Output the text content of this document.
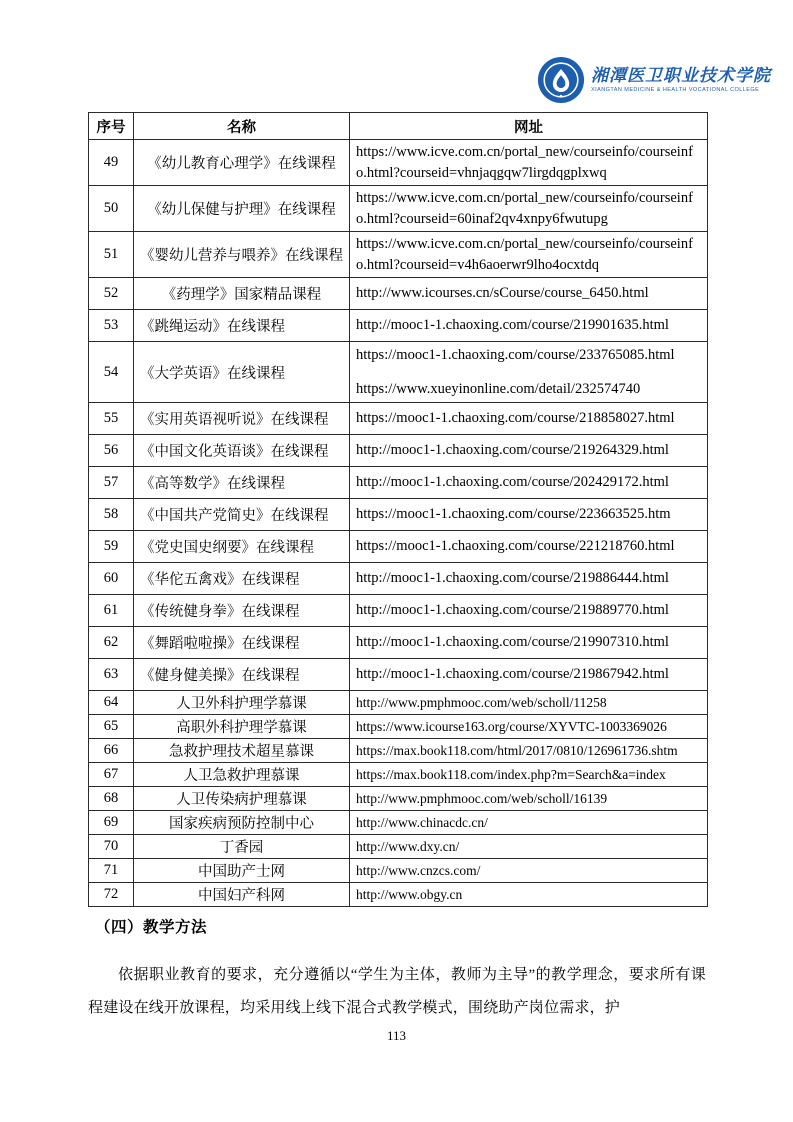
湘潭医卫职业技术学院
XIANGTAN MEDICINE & HEALTH VOCATIONAL COLLEGE
序号	名称	网址
49	《幼儿教育心理学》在线课程	https://www.icve.com.cn/portal_new/courseinfo/courseinfo.html?courseid=vhnjaqgqw7lirgdqgplxwq

50	《幼儿保健与护理》在线课程	https://www.icve.com.cn/portal_new/courseinfo/courseinfo.html?courseid=60inaf2qv4xnpy6fwutupg

51	《婴幼儿营养与喂养》在线课程	https://www.icve.com.cn/portal_new/courseinfo/courseinfo.html?courseid=v4h6aoerwr9lho4ocxtdq

52	《药理学》国家精品课程	http://www.icourses.cn/sCourse/course_6450.html

53	《跳绳运动》在线课程	http://mooc1-1.chaoxing.com/course/219901635.html

54	《大学英语》在线课程	https://mooc1-1.chaoxing.com/course/233765085.html
https://www.xueyinonline.com/detail/232574740

55	《实用英语视听说》在线课程	https://mooc1-1.chaoxing.com/course/218858027.html

56	《中国文化英语谈》在线课程	http://mooc1-1.chaoxing.com/course/219264329.html

57	《高等数学》在线课程	http://mooc1-1.chaoxing.com/course/202429172.html

58	《中国共产党简史》在线课程	https://mooc1-1.chaoxing.com/course/223663525.htm

59	《党史国史纲要》在线课程	https://mooc1-1.chaoxing.com/course/221218760.html

60	《华佗五禽戏》在线课程	http://mooc1-1.chaoxing.com/course/219886444.html

61	《传统健身拳》在线课程	http://mooc1-1.chaoxing.com/course/219889770.html

62	《舞蹈啦啦操》在线课程	http://mooc1-1.chaoxing.com/course/219907310.html

63	《健身健美操》在线课程	http://mooc1-1.chaoxing.com/course/219867942.html

64	人卫外科护理学慕课	http://www.pmphmooc.com/web/scholl/11258

65	高职外科护理学慕课	https://www.icourse163.org/course/XYVTC-1003369026

66	急救护理技术超星慕课	https://max.book118.com/html/2017/0810/126961736.shtm

67	人卫急救护理慕课	https://max.book118.com/index.php?m=Search&a=index

68	人卫传染病护理慕课	http://www.pmphmooc.com/web/scholl/16139

69	国家疾病预防控制中心	http://www.chinacdc.cn/

70	丁香园	http://www.dxy.cn/

71	中国助产士网	http://www.cnzcs.com/

72	中国妇产科网	http://www.obgy.cn
（四）教学方法
依据职业教育的要求，充分遵循以“学生为主体，教师为主导”的教学理念，要求所有课程建设在线开放课程，均采用线上线下混合式教学模式，围绕助产岗位需求，护
113
